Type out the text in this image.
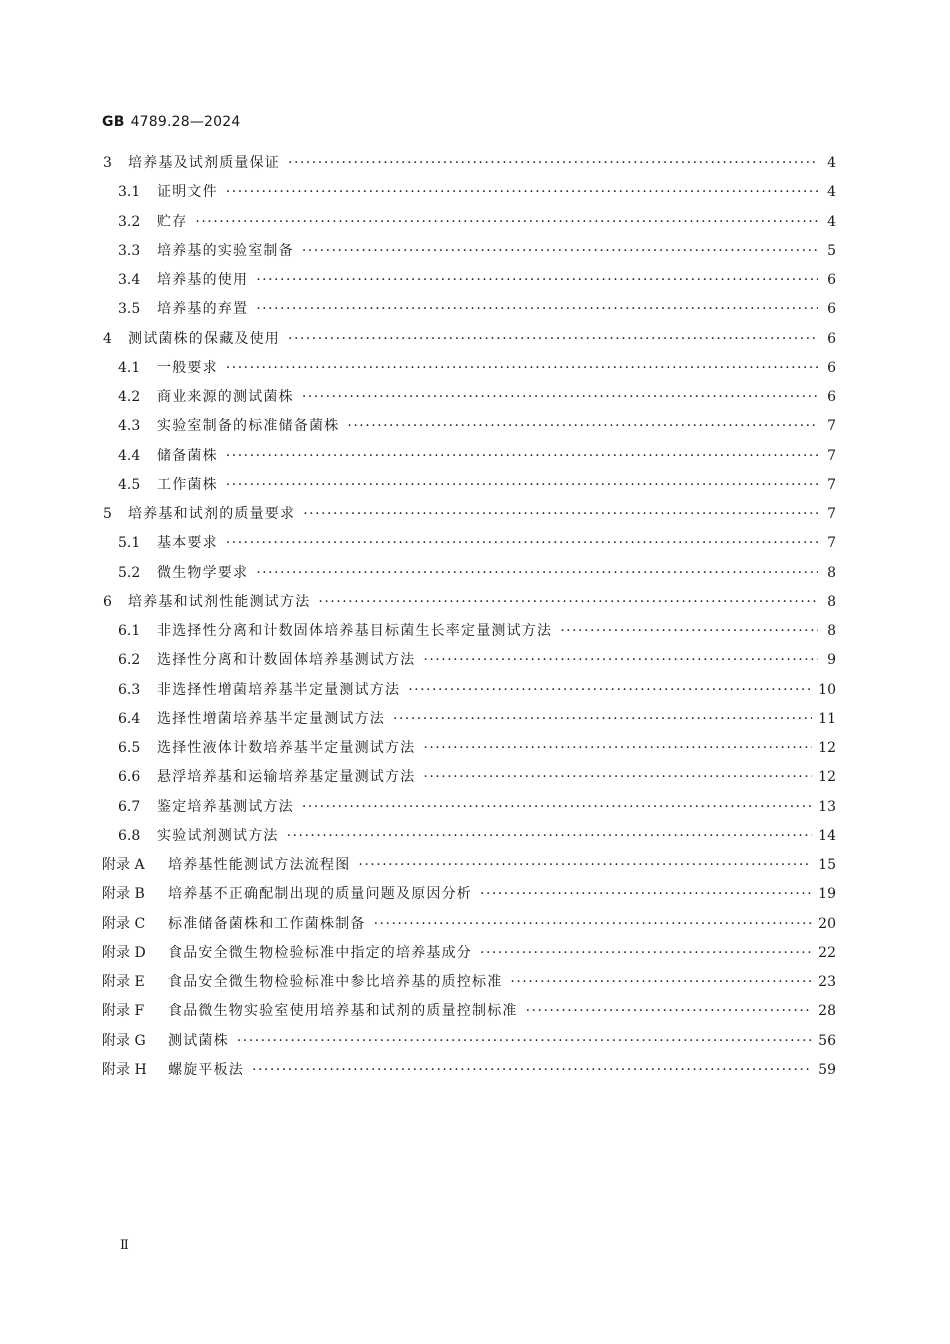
GB 4789.28—2024
3	培养基及试剂质量保证 ·····	4
3.1	证明文件 ·····	4
3.2	贮存 ·····	4
3.3	培养基的实验室制备 ·····	5
3.4	培养基的使用 ·····	6
3.5	培养基的弃置 ·····	6
4	测试菌株的保藏及使用 ·····	6
4.1	一般要求 ·····	6
4.2	商业来源的测试菌株 ·····	6
4.3	实验室制备的标准储备菌株 ·····	7
4.4	储备菌株 ·····	7
4.5	工作菌株 ·····	7
5	培养基和试剂的质量要求 ·····	7
5.1	基本要求 ·····	7
5.2	微生物学要求 ·····	8
6	培养基和试剂性能测试方法 ·····	8
6.1	非选择性分离和计数固体培养基目标菌生长率定量测试方法 ·····	8
6.2	选择性分离和计数固体培养基测试方法 ·····	9
6.3	非选择性增菌培养基半定量测试方法 ·····	10
6.4	选择性增菌培养基半定量测试方法 ·····	11
6.5	选择性液体计数培养基半定量测试方法 ·····	12
6.6	悬浮培养基和运输培养基定量测试方法 ·····	12
6.7	鉴定培养基测试方法 ·····	13
6.8	实验试剂测试方法 ·····	14
附录 A	培养基性能测试方法流程图 ·····	15
附录 B	培养基不正确配制出现的质量问题及原因分析 ·····	19
附录 C	标准储备菌株和工作菌株制备 ·····	20
附录 D	食品安全微生物检验标准中指定的培养基成分 ·····	22
附录 E	食品安全微生物检验标准中参比培养基的质控标准 ·····	23
附录 F	食品微生物实验室使用培养基和试剂的质量控制标准 ·····	28
附录 G	测试菌株 ·····	56
附录 H	螺旋平板法 ·····	59
Ⅱ
